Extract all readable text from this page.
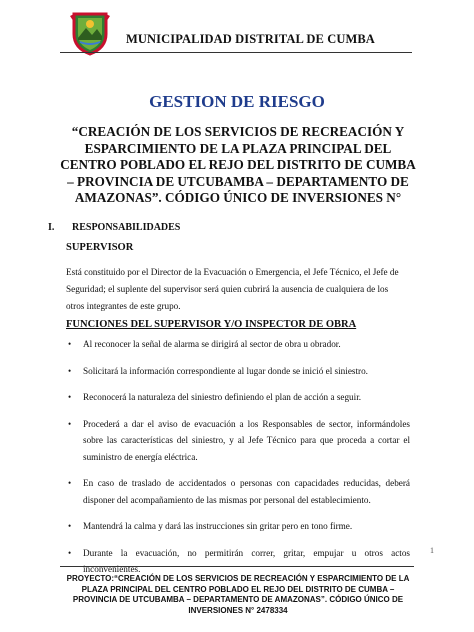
MUNICIPALIDAD DISTRITAL DE CUMBA
GESTION DE RIESGO
“CREACIÓN DE LOS SERVICIOS DE RECREACIÓN Y ESPARCIMIENTO DE LA PLAZA PRINCIPAL DEL CENTRO POBLADO EL REJO DEL DISTRITO DE CUMBA – PROVINCIA DE UTCUBAMBA – DEPARTAMENTO DE AMAZONAS”. CÓDIGO ÚNICO DE INVERSIONES N°
I. RESPONSABILIDADES
SUPERVISOR

Está constituido por el Director de la Evacuación o Emergencia, el Jefe Técnico, el Jefe de Seguridad; el suplente del supervisor será quien cubrirá la ausencia de cualquiera de los otros integrantes de este grupo.

FUNCIONES DEL SUPERVISOR Y/O INSPECTOR DE OBRA
• Al reconocer la señal de alarma se dirigirá al sector de obra u obrador.
• Solicitará la información correspondiente al lugar donde se inició el siniestro.
• Reconocerá la naturaleza del siniestro definiendo el plan de acción a seguir.
• Procederá a dar el aviso de evacuación a los Responsables de sector, informándoles sobre las características del siniestro, y al Jefe Técnico para que proceda a cortar el suministro de energía eléctrica.
• En caso de traslado de accidentados o personas con capacidades reducidas, deberá disponer del acompañamiento de las mismas por personal del establecimiento.
• Mantendrá la calma y dará las instrucciones sin gritar pero en tono firme.
• Durante la evacuación, no permitirán correr, gritar, empujar u otros actos inconvenientes.
1

PROYECTO:“CREACIÓN DE LOS SERVICIOS DE RECREACIÓN Y ESPARCIMIENTO DE LA PLAZA PRINCIPAL DEL CENTRO POBLADO EL REJO DEL DISTRITO DE CUMBA – PROVINCIA DE UTCUBAMBA – DEPARTAMENTO DE AMAZONAS”. CÓDIGO ÚNICO DE INVERSIONES N° 2478334
